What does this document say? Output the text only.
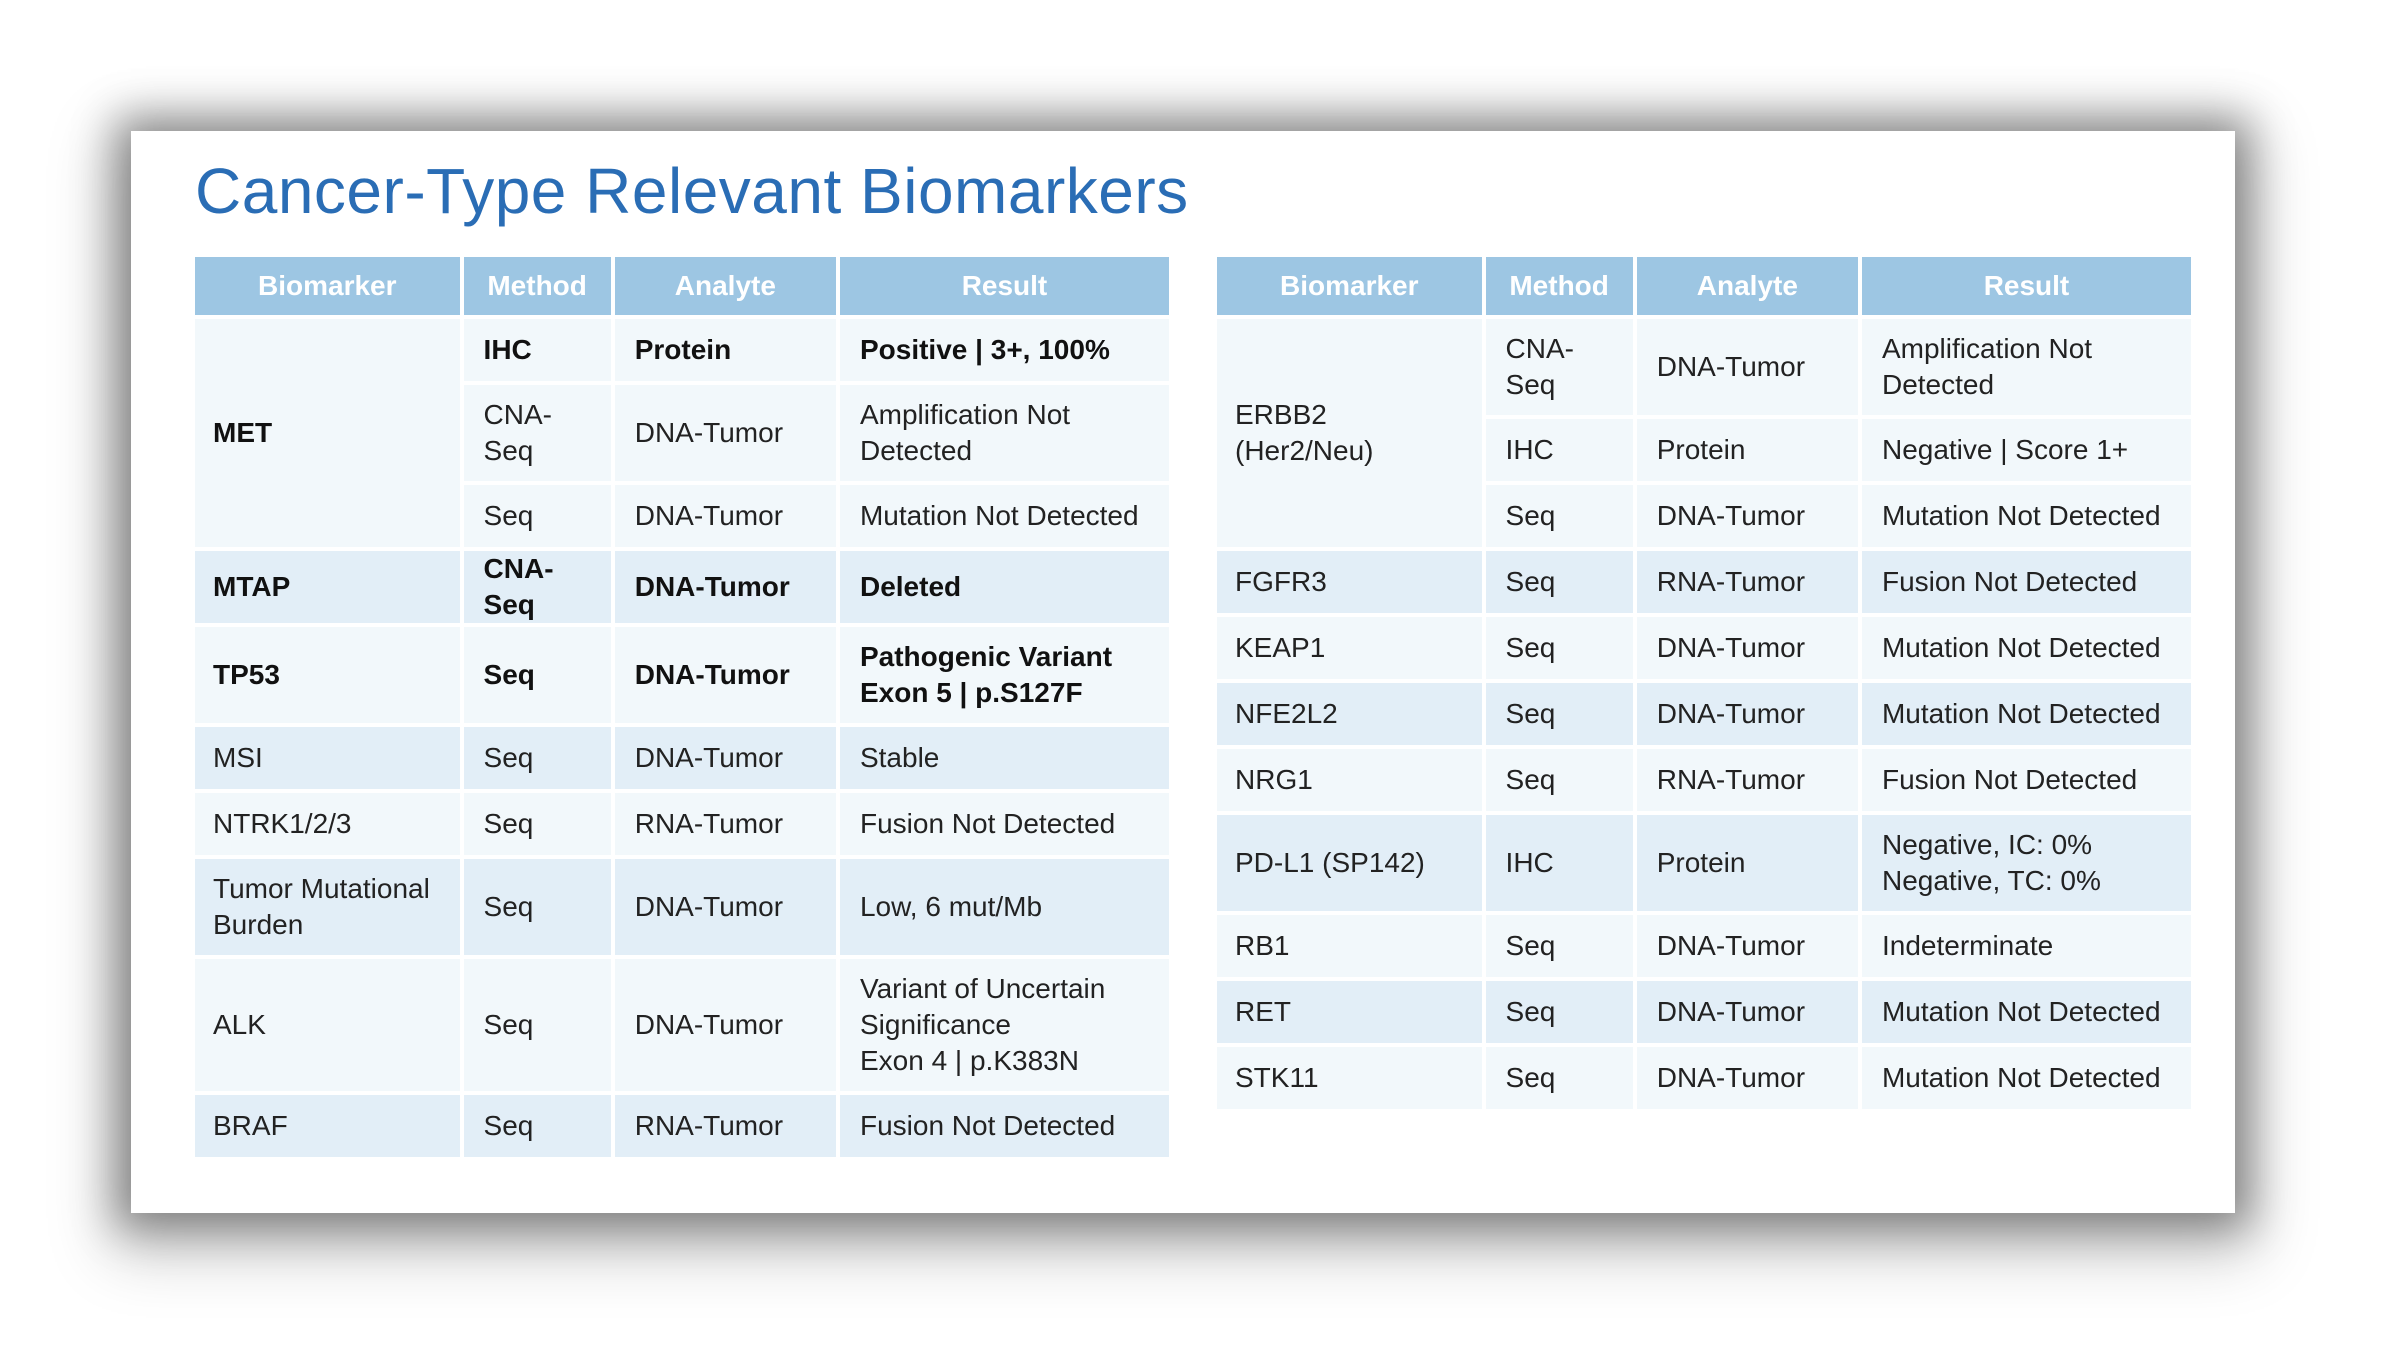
Cancer-Type Relevant Biomarkers
Biomarker	Method	Analyte	Result
MET	IHC	Protein	Positive | 3+, 100%
	CNA-Seq	DNA-Tumor	Amplification Not Detected
	Seq	DNA-Tumor	Mutation Not Detected
MTAP	CNA-Seq	DNA-Tumor	Deleted
TP53	Seq	DNA-Tumor	Pathogenic Variant
Exon 5 | p.S127F
MSI	Seq	DNA-Tumor	Stable
NTRK1/2/3	Seq	RNA-Tumor	Fusion Not Detected
Tumor Mutational Burden	Seq	DNA-Tumor	Low, 6 mut/Mb
ALK	Seq	DNA-Tumor	Variant of Uncertain Significance
Exon 4 | p.K383N
BRAF	Seq	RNA-Tumor	Fusion Not Detected
Biomarker	Method	Analyte	Result
ERBB2 (Her2/Neu)	CNA-Seq	DNA-Tumor	Amplification Not Detected
	IHC	Protein	Negative | Score 1+
	Seq	DNA-Tumor	Mutation Not Detected
FGFR3	Seq	RNA-Tumor	Fusion Not Detected
KEAP1	Seq	DNA-Tumor	Mutation Not Detected
NFE2L2	Seq	DNA-Tumor	Mutation Not Detected
NRG1	Seq	RNA-Tumor	Fusion Not Detected
PD-L1 (SP142)	IHC	Protein	Negative, IC: 0%
Negative, TC: 0%
RB1	Seq	DNA-Tumor	Indeterminate
RET	Seq	DNA-Tumor	Mutation Not Detected
STK11	Seq	DNA-Tumor	Mutation Not Detected
